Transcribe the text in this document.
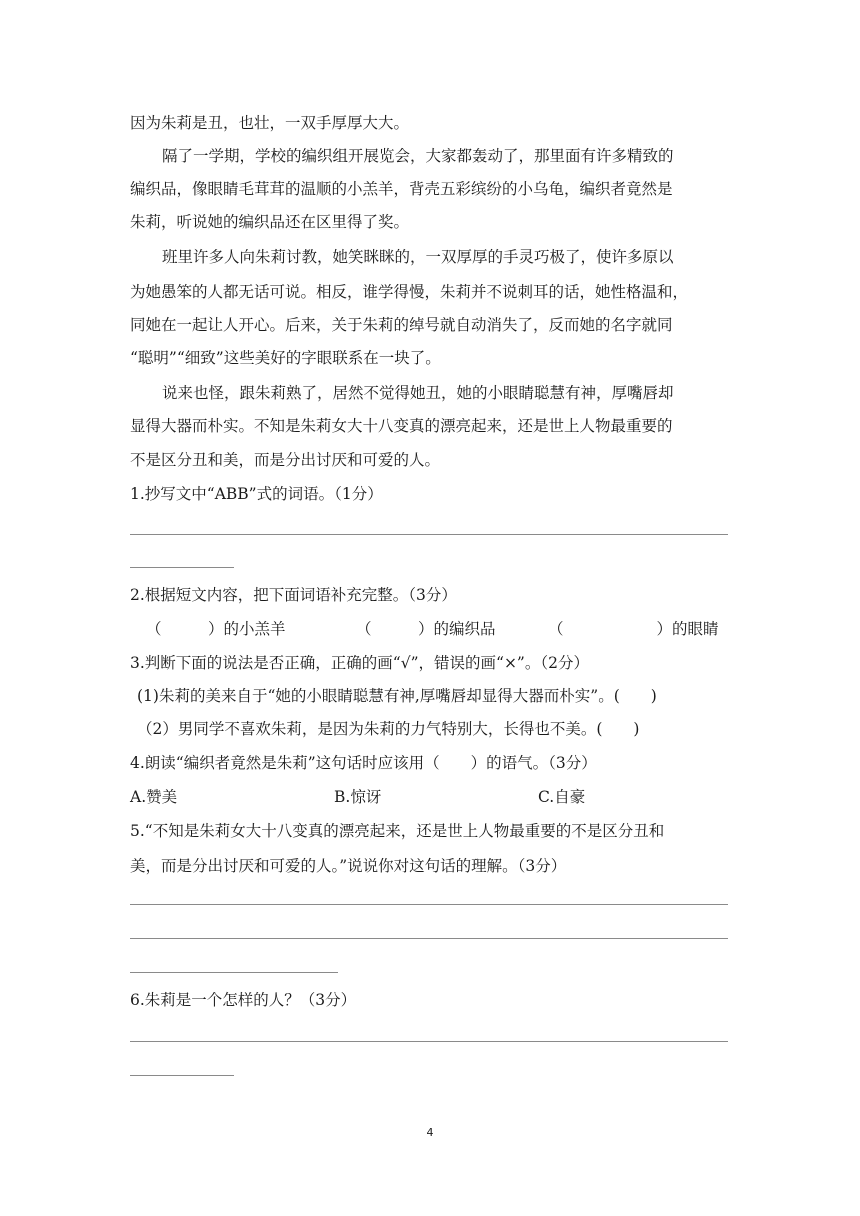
因为朱莉是丑，也壮，一双手厚厚大大。
隔了一学期，学校的编织组开展览会，大家都轰动了，那里面有许多精致的
编织品，像眼睛毛茸茸的温顺的小羔羊，背壳五彩缤纷的小乌龟，编织者竟然是
朱莉，听说她的编织品还在区里得了奖。
班里许多人向朱莉讨教，她笑眯眯的，一双厚厚的手灵巧极了，使许多原以
为她愚笨的人都无话可说。相反，谁学得慢，朱莉并不说刺耳的话，她性格温和，
同她在一起让人开心。后来，关于朱莉的绰号就自动消失了，反而她的名字就同
“聪明”“细致”这些美好的字眼联系在一块了。
说来也怪，跟朱莉熟了，居然不觉得她丑，她的小眼睛聪慧有神，厚嘴唇却
显得大器而朴实。不知是朱莉女大十八变真的漂亮起来，还是世上人物最重要的
不是区分丑和美，而是分出讨厌和可爱的人。
1.抄写文中“ABB”式的词语。（1分）
2.根据短文内容，把下面词语补充完整。（3分）
（　　　）的小羔羊	（　　　）的编织品	（　　　　　　）的眼睛
3.判断下面的说法是否正确，正确的画“√”，错误的画“×”。（2分）
(1)朱莉的美来自于“她的小眼睛聪慧有神,厚嘴唇却显得大器而朴实”。(　　)
（2）男同学不喜欢朱莉，是因为朱莉的力气特别大，长得也不美。(　　)
4.朗读“编织者竟然是朱莉”这句话时应该用（　　）的语气。（3分）
A.赞美	B.惊讶	C.自豪
5.“不知是朱莉女大十八变真的漂亮起来，还是世上人物最重要的不是区分丑和
美，而是分出讨厌和可爱的人。”说说你对这句话的理解。（3分）
6.朱莉是一个怎样的人？（3分）
4
